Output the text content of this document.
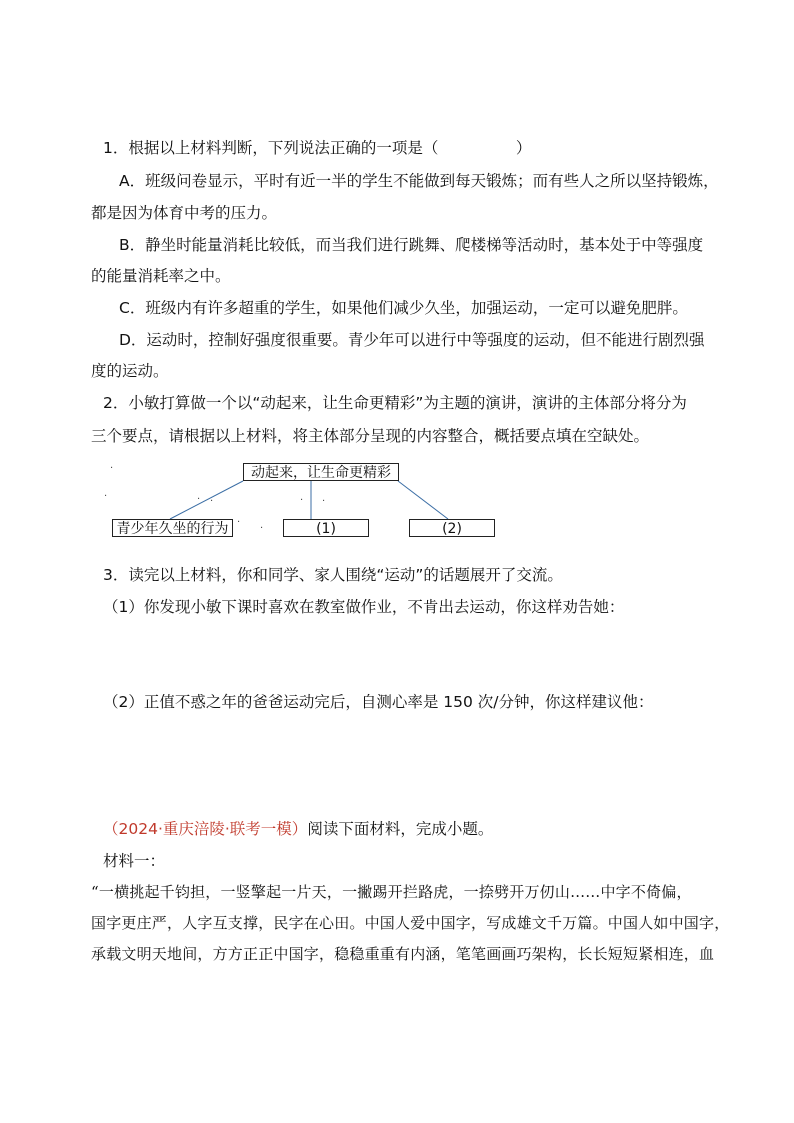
1．根据以上材料判断，下列说法正确的一项是（　　　　　）
A．班级问卷显示，平时有近一半的学生不能做到每天锻炼；而有些人之所以坚持锻炼，
都是因为体育中考的压力。
B．静坐时能量消耗比较低，而当我们进行跳舞、爬楼梯等活动时，基本处于中等强度
的能量消耗率之中。
C．班级内有许多超重的学生，如果他们减少久坐，加强运动，一定可以避免肥胖。
D．运动时，控制好强度很重要。青少年可以进行中等强度的运动，但不能进行剧烈强
度的运动。
2．小敏打算做一个以“动起来，让生命更精彩”为主题的演讲，演讲的主体部分将分为
三个要点，请根据以上材料，将主体部分呈现的内容整合，概括要点填在空缺处。
动起来，让生命更精彩
青少年久坐的行为	(1)	(2)
·
·	· ·	· ·
·
·
3．读完以上材料，你和同学、家人围绕“运动”的话题展开了交流。
（1）你发现小敏下课时喜欢在教室做作业，不肯出去运动，你这样劝告她：
（2）正值不惑之年的爸爸运动完后，自测心率是 150 次/分钟，你这样建议他：
（2024·重庆涪陵·联考一模）阅读下面材料，完成小题。
材料一：
“一横挑起千钧担，一竖擎起一片天，一撇踢开拦路虎，一捺劈开万仞山……中字不倚偏，
国字更庄严，人字互支撑，民字在心田。中国人爱中国字，写成雄文千万篇。中国人如中国字，
承载文明天地间，方方正正中国字，稳稳重重有内涵，笔笔画画巧架构，长长短短紧相连，血
